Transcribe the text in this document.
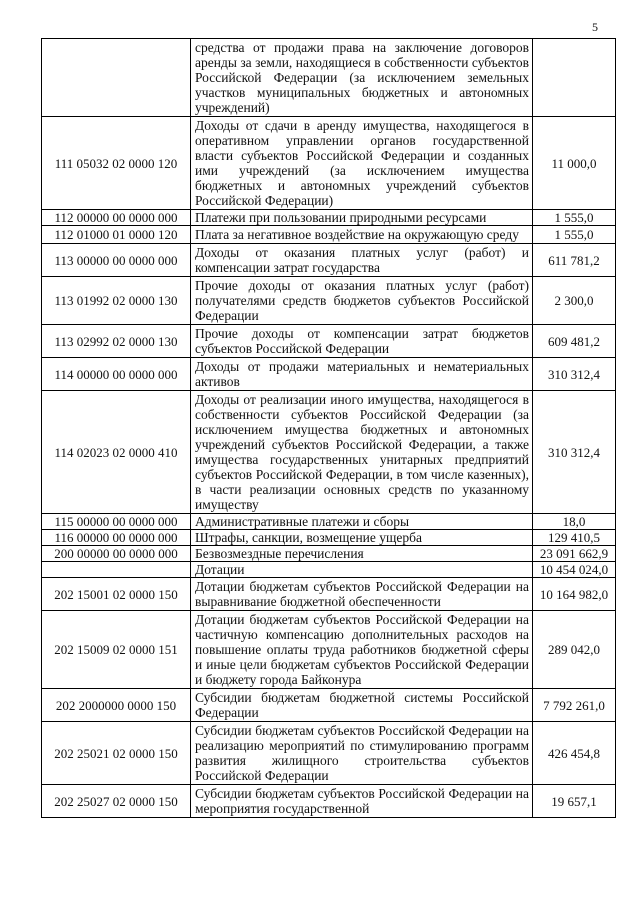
5
	средства от продажи права на заключение договоров аренды за земли, находящиеся в собственности субъектов Российской Федерации (за исключением земельных участков муниципальных бюджетных и автономных учреждений)	
111 05032 02 0000 120	Доходы от сдачи в аренду имущества, находящегося в оперативном управлении органов государственной власти субъектов Российской Федерации и созданных ими учреждений (за исключением имущества бюджетных и автономных учреждений субъектов Российской Федерации)	11 000,0
112 00000 00 0000 000	Платежи при пользовании природными ресурсами	1 555,0
112 01000 01 0000 120	Плата за негативное воздействие на окружающую среду	1 555,0
113 00000 00 0000 000	Доходы от оказания платных услуг (работ) и компенсации затрат государства	611 781,2
113 01992 02 0000 130	Прочие доходы от оказания платных услуг (работ) получателями средств бюджетов субъектов Российской Федерации	2 300,0
113 02992 02 0000 130	Прочие доходы от компенсации затрат бюджетов субъектов Российской Федерации	609 481,2
114 00000 00 0000 000	Доходы от продажи материальных и нематериальных активов	310 312,4
114 02023 02 0000 410	Доходы от реализации иного имущества, находящегося в собственности субъектов Российской Федерации (за исключением имущества бюджетных и автономных учреждений субъектов Российской Федерации, а также имущества государственных унитарных предприятий субъектов Российской Федерации, в том числе казенных), в части реализации основных средств по указанному имуществу	310 312,4
115 00000 00 0000 000	Административные платежи и сборы	18,0
116 00000 00 0000 000	Штрафы, санкции, возмещение ущерба	129 410,5
200 00000 00 0000 000	Безвозмездные перечисления	23 091 662,9
	Дотации	10 454 024,0
202 15001 02 0000 150	Дотации бюджетам субъектов Российской Федерации на выравнивание бюджетной обеспеченности	10 164 982,0
202 15009 02 0000 151	Дотации бюджетам субъектов Российской Федерации на частичную компенсацию дополнительных расходов на повышение оплаты труда работников бюджетной сферы и иные цели бюджетам субъектов Российской Федерации и бюджету города Байконура	289 042,0
202 2000000 0000 150	Субсидии бюджетам бюджетной системы Российской Федерации	7 792 261,0
202 25021 02 0000 150	Субсидии бюджетам субъектов Российской Федерации на реализацию мероприятий по стимулированию программ развития жилищного строительства субъектов Российской Федерации	426 454,8
202 25027 02 0000 150	Субсидии бюджетам субъектов Российской Федерации на мероприятия государственной	19 657,1
